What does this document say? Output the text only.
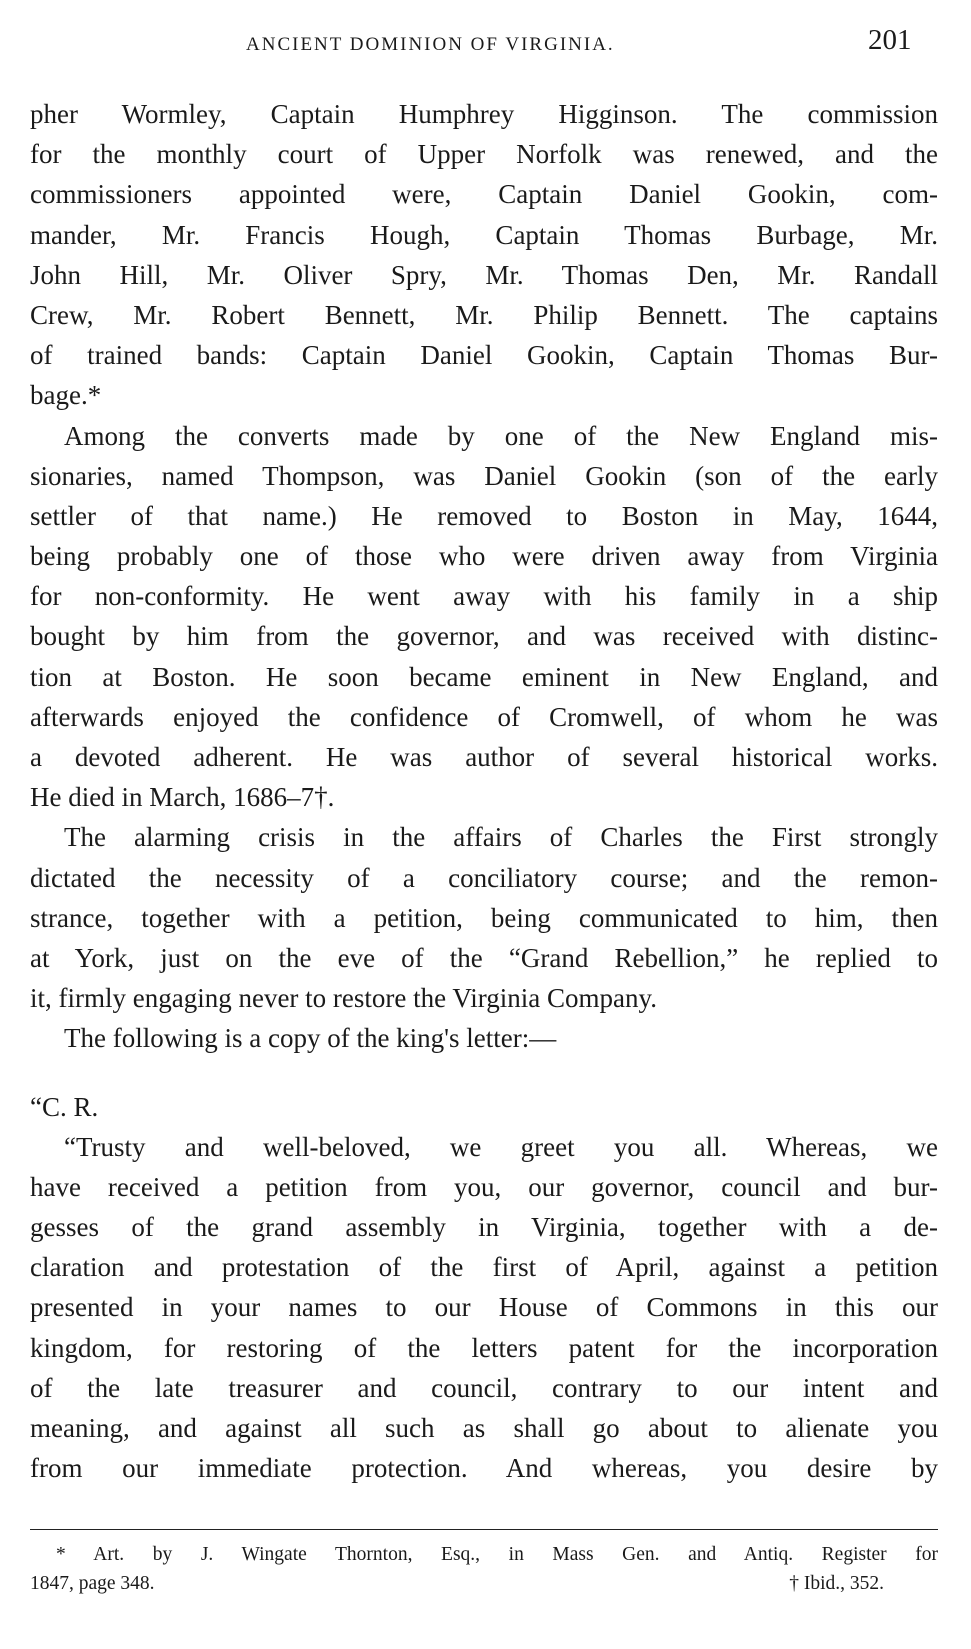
ANCIENT DOMINION OF VIRGINIA.	201
pher Wormley, Captain Humphrey Higginson. The commission
for the monthly court of Upper Norfolk was renewed, and the
commissioners appointed were, Captain Daniel Gookin, com-
mander, Mr. Francis Hough, Captain Thomas Burbage, Mr.
John Hill, Mr. Oliver Spry, Mr. Thomas Den, Mr. Randall
Crew, Mr. Robert Bennett, Mr. Philip Bennett. The captains
of trained bands: Captain Daniel Gookin, Captain Thomas Bur-
bage.*
Among the converts made by one of the New England mis-
sionaries, named Thompson, was Daniel Gookin (son of the early
settler of that name.) He removed to Boston in May, 1644,
being probably one of those who were driven away from Virginia
for non-conformity. He went away with his family in a ship
bought by him from the governor, and was received with distinc-
tion at Boston. He soon became eminent in New England, and
afterwards enjoyed the confidence of Cromwell, of whom he was
a devoted adherent. He was author of several historical works.
He died in March, 1686–7†.
The alarming crisis in the affairs of Charles the First strongly
dictated the necessity of a conciliatory course; and the remon-
strance, together with a petition, being communicated to him, then
at York, just on the eve of the “Grand Rebellion,” he replied to
it, firmly engaging never to restore the Virginia Company.
The following is a copy of the king's letter:—
“C. R.
“Trusty and well-beloved, we greet you all. Whereas, we
have received a petition from you, our governor, council and bur-
gesses of the grand assembly in Virginia, together with a de-
claration and protestation of the first of April, against a petition
presented in your names to our House of Commons in this our
kingdom, for restoring of the letters patent for the incorporation
of the late treasurer and council, contrary to our intent and
meaning, and against all such as shall go about to alienate you
from our immediate protection. And whereas, you desire by
* Art. by J. Wingate Thornton, Esq., in Mass Gen. and Antiq. Register for
1847, page 348.	† Ibid., 352.
